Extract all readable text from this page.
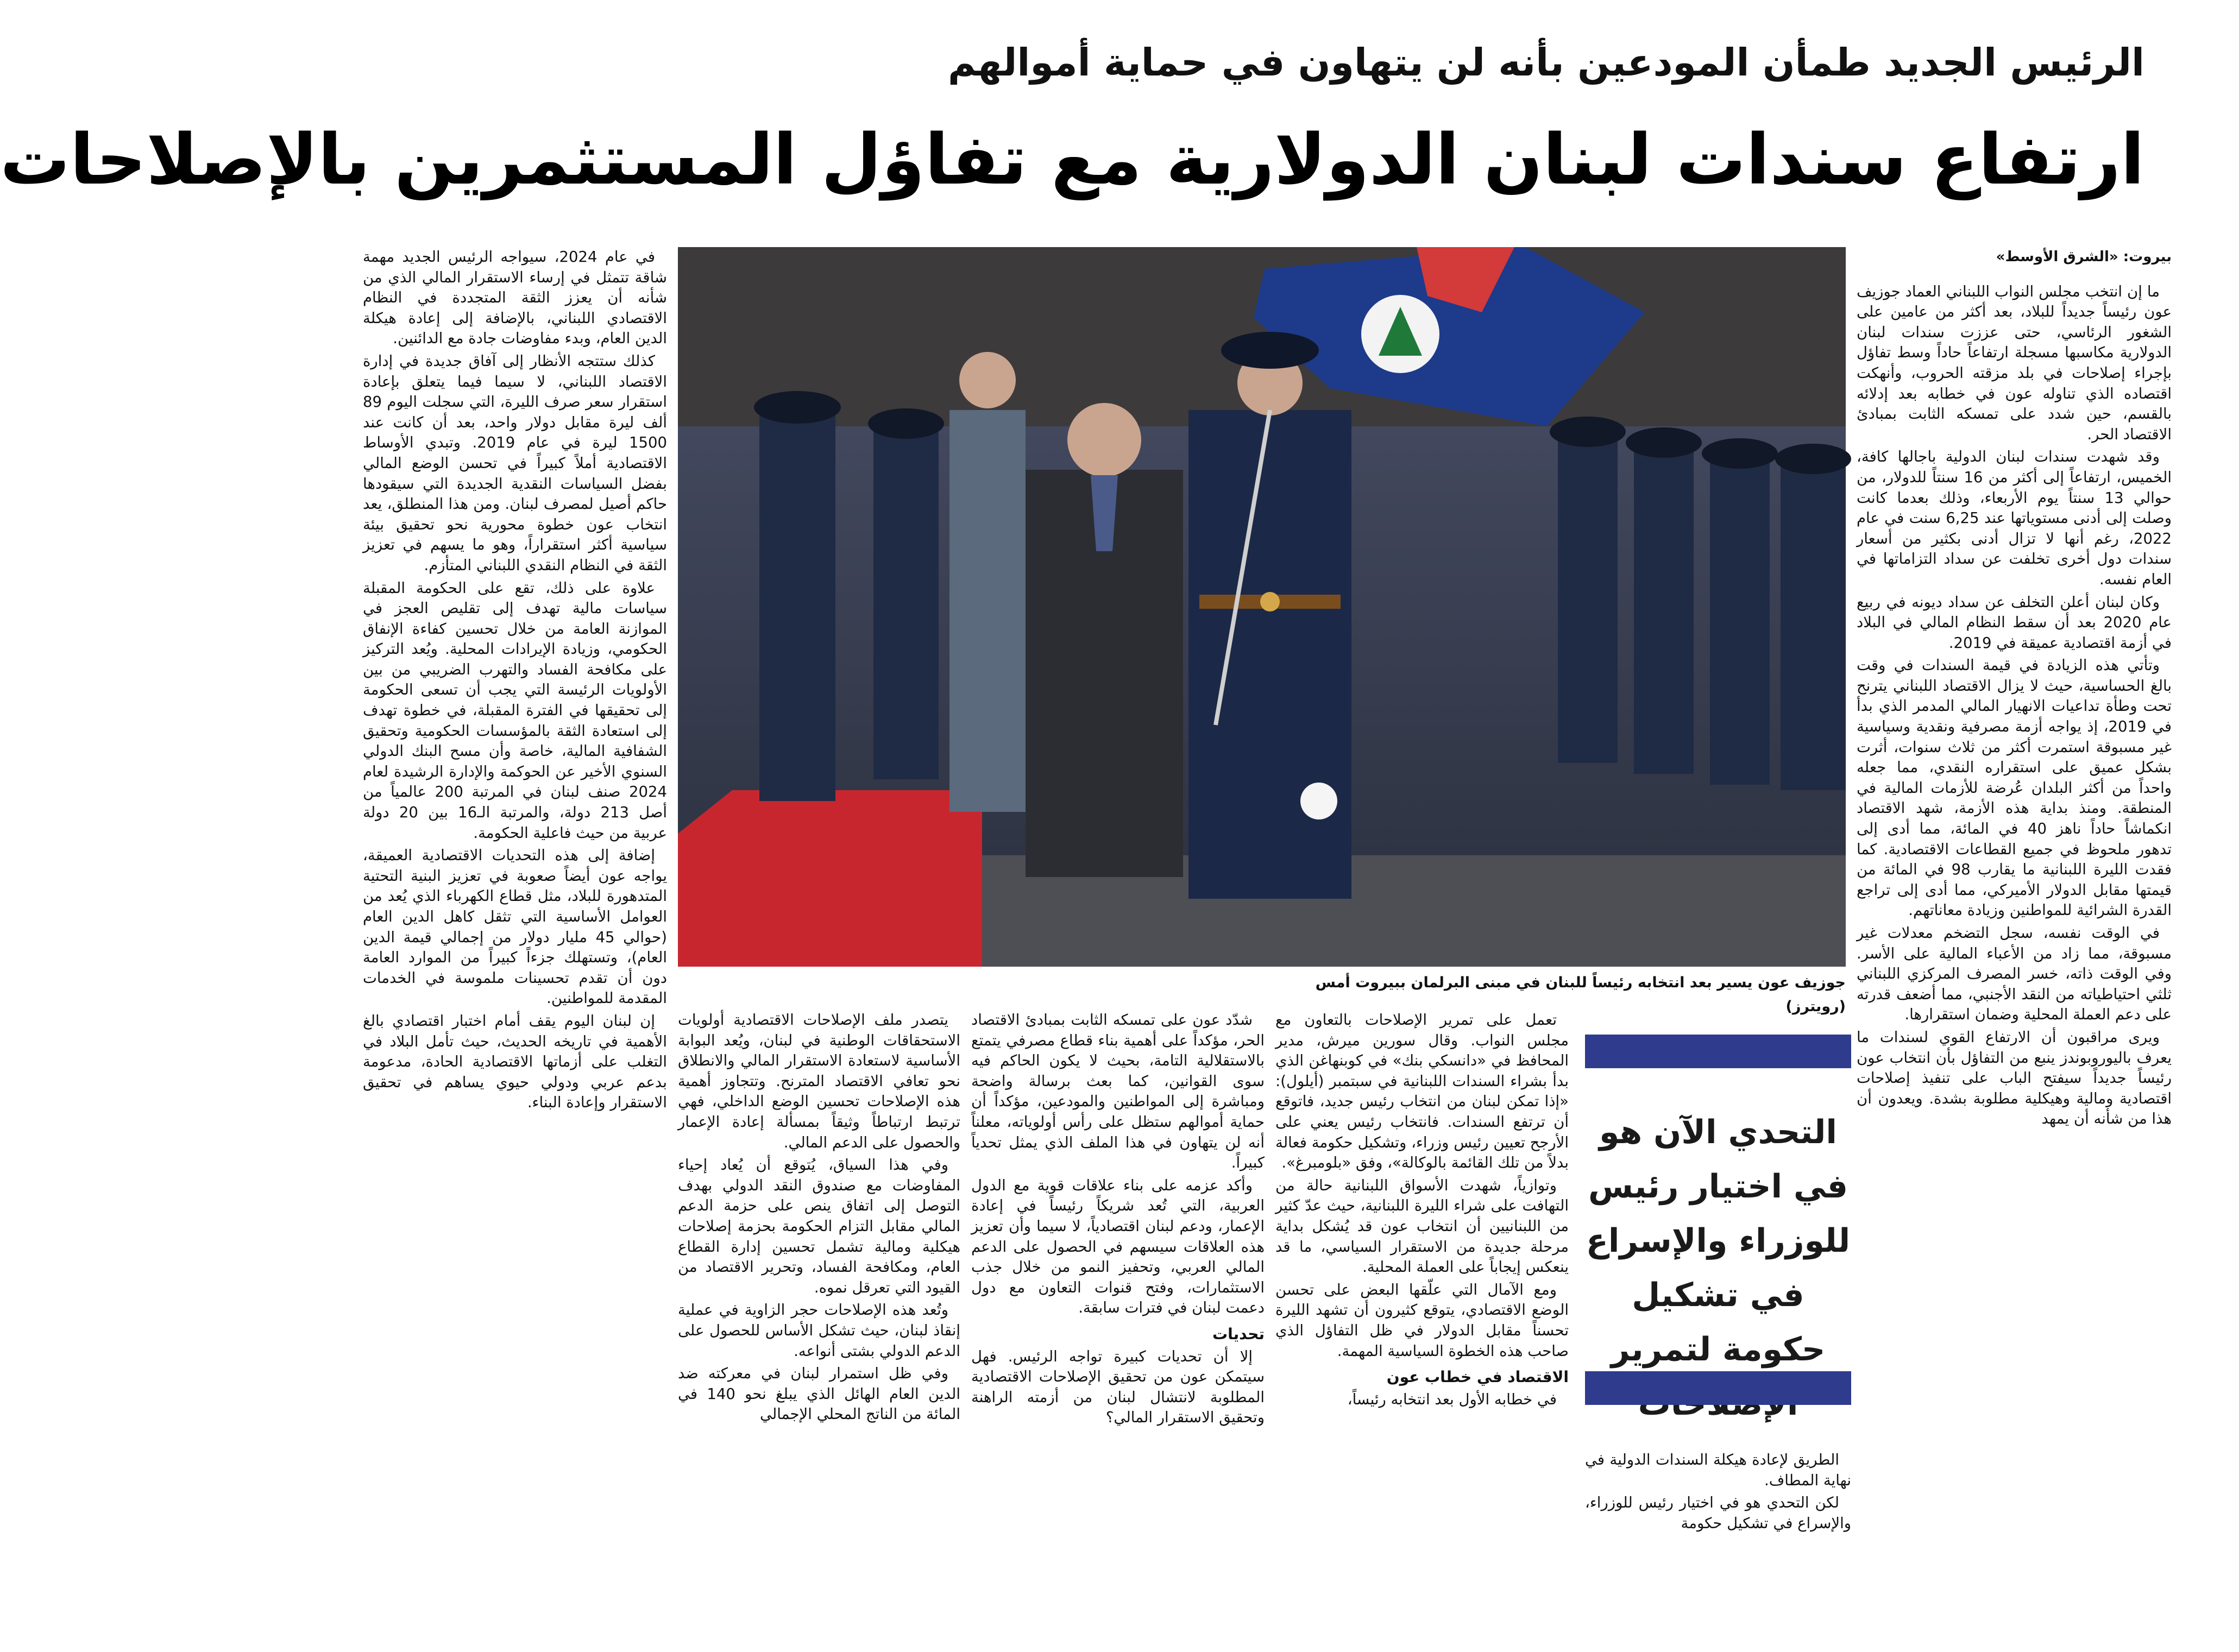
الرئيس الجديد طمأن المودعين بأنه لن يتهاون في حماية أموالهم
ارتفاع سندات لبنان الدولارية مع تفاؤل المستثمرين بالإصلاحات
جوزيف عون يسير بعد انتخابه رئيساً للبنان في مبنى البرلمان ببيروت أمس (رويترز)
بيروت: «الشرق الأوسط»

ما إن انتخب مجلس النواب اللبناني العماد جوزيف عون رئيساً جديداً للبلاد، بعد أكثر من عامين على الشغور الرئاسي، حتى عززت سندات لبنان الدولارية مكاسبها مسجلة ارتفاعاً حاداً وسط تفاؤل بإجراء إصلاحات في بلد مزقته الحروب، وأنهكت اقتصاده الذي تناوله عون في خطابه بعد إدلائه بالقسم، حين شدد على تمسكه الثابت بمبادئ الاقتصاد الحر.

وقد شهدت سندات لبنان الدولية باجالها كافة، الخميس، ارتفاعاً إلى أكثر من 16 سنتاً للدولار، من حوالي 13 سنتاً يوم الأربعاء، وذلك بعدما كانت وصلت إلى أدنى مستوياتها عند 6,25 سنت في عام 2022، رغم أنها لا تزال أدنى بكثير من أسعار سندات دول أخرى تخلفت عن سداد التزاماتها في العام نفسه.

وكان لبنان أعلن التخلف عن سداد ديونه في ربيع عام 2020 بعد أن سقط النظام المالي في البلاد في أزمة اقتصادية عميقة في 2019.

وتأتي هذه الزيادة في قيمة السندات في وقت بالغ الحساسية، حيث لا يزال الاقتصاد اللبناني يترنح تحت وطأة تداعيات الانهيار المالي المدمر الذي بدأ في 2019، إذ يواجه أزمة مصرفية ونقدية وسياسية غير مسبوقة استمرت أكثر من ثلاث سنوات، أثرت بشكل عميق على استقراره النقدي، مما جعله واحداً من أكثر البلدان عُرضة للأزمات المالية في المنطقة. ومنذ بداية هذه الأزمة، شهد الاقتصاد انكماشاً حاداً ناهز 40 في المائة، مما أدى إلى تدهور ملحوظ في جميع القطاعات الاقتصادية. كما فقدت الليرة اللبنانية ما يقارب 98 في المائة من قيمتها مقابل الدولار الأميركي، مما أدى إلى تراجع القدرة الشرائية للمواطنين وزيادة معاناتهم.

في الوقت نفسه، سجل التضخم معدلات غير مسبوقة، مما زاد من الأعباء المالية على الأسر. وفي الوقت ذاته، خسر المصرف المركزي اللبناني ثلثي احتياطياته من النقد الأجنبي، مما أضعف قدرته على دعم العملة المحلية وضمان استقرارها.

ويرى مراقبون أن الارتفاع القوي لسندات ما يعرف باليوروبوندز ينبع من التفاؤل بأن انتخاب عون رئيساً جديداً سيفتح الباب على تنفيذ إصلاحات اقتصادية ومالية وهيكلية مطلوبة بشدة. ويعدون أن هذا من شأنه أن يمهد

التحدي الآن هو في اختيار رئيس للوزراء والإسراع في تشكيل حكومة لتمرير

الطريق لإعادة هيكلة السندات الدولية في نهاية المطاف.

لكن التحدي هو في اختيار رئيس للوزراء، والإسراع في تشكيل حكومة

تعمل على تمرير الإصلاحات بالتعاون مع مجلس النواب. وقال سورين ميرش، مدير المحافظ في «دانسكي بنك» في كوبنهاغن الذي بدأ بشراء السندات اللبنانية في سبتمبر (أيلول): «إذا تمكن لبنان من انتخاب رئيس جديد، فاتوقع أن ترتفع السندات. فانتخاب رئيس يعني على الأرجح تعيين رئيس وزراء، وتشكيل حكومة فعالة بدلاً من تلك القائمة بالوكالة»، وفق «بلومبرغ».

وتوازياً، شهدت الأسواق اللبنانية حالة من التهافت على شراء الليرة اللبنانية، حيث عدّ كثير من اللبنانيين أن انتخاب عون قد يُشكل بداية مرحلة جديدة من الاستقرار السياسي، ما قد ينعكس إيجاباً على العملة المحلية.

ومع الآمال التي علّقها البعض على تحسن الوضع الاقتصادي، يتوقع كثيرون أن تشهد الليرة تحسناً مقابل الدولار في ظل التفاؤل الذي صاحب هذه الخطوة السياسية المهمة.

الاقتصاد في خطاب عون

في خطابه الأول بعد انتخابه رئيساً،

شدّد عون على تمسكه الثابت بمبادئ الاقتصاد الحر، مؤكداً على أهمية بناء قطاع مصرفي يتمتع بالاستقلالية التامة، بحيث لا يكون الحاكم فيه سوى القوانين، كما بعث برسالة واضحة ومباشرة إلى المواطنين والمودعين، مؤكداً أن حماية أموالهم ستظل على رأس أولوياته، معلناً أنه لن يتهاون في هذا الملف الذي يمثل تحدياً كبيراً.

وأكد عزمه على بناء علاقات قوية مع الدول العربية، التي تُعد شريكاً رئيساً في إعادة الإعمار، ودعم لبنان اقتصادياً، لا سيما وأن تعزيز هذه العلاقات سيسهم في الحصول على الدعم المالي العربي، وتحفيز النمو من خلال جذب الاستثمارات، وفتح قنوات التعاون مع دول دعمت لبنان في فترات سابقة.

تحديات

إلا أن تحديات كبيرة تواجه الرئيس. فهل سيتمكن عون من تحقيق الإصلاحات الاقتصادية المطلوبة لانتشال لبنان من أزمته الراهنة وتحقيق الاستقرار المالي؟

يتصدر ملف الإصلاحات الاقتصادية أولويات الاستحقاقات الوطنية في لبنان، ويُعد البوابة الأساسية لاستعادة الاستقرار المالي والانطلاق نحو تعافي الاقتصاد المترنح. وتتجاوز أهمية هذه الإصلاحات تحسين الوضع الداخلي، فهي ترتبط ارتباطاً وثيقاً بمسألة إعادة الإعمار والحصول على الدعم المالي.

وفي هذا السياق، يُتوقع أن يُعاد إحياء المفاوضات مع صندوق النقد الدولي بهدف التوصل إلى اتفاق ينص على حزمة الدعم المالي مقابل التزام الحكومة بحزمة إصلاحات هيكلية ومالية تشمل تحسين إدارة القطاع العام، ومكافحة الفساد، وتحرير الاقتصاد من القيود التي تعرقل نموه.

وتُعد هذه الإصلاحات حجر الزاوية في عملية إنقاذ لبنان، حيث تشكل الأساس للحصول على الدعم الدولي بشتى أنواعه.

وفي ظل استمرار لبنان في معركته ضد الدين العام الهائل الذي يبلغ نحو 140 في المائة من الناتج المحلي الإجمالي

في عام 2024، سيواجه الرئيس الجديد مهمة شاقة تتمثل في إرساء الاستقرار المالي الذي من شأنه أن يعزز الثقة المتجددة في النظام الاقتصادي اللبناني، بالإضافة إلى إعادة هيكلة الدين العام، وبدء مفاوضات جادة مع الدائنين.

كذلك ستتجه الأنظار إلى آفاق جديدة في إدارة الاقتصاد اللبناني، لا سيما فيما يتعلق بإعادة استقرار سعر صرف الليرة، التي سجلت اليوم 89 ألف ليرة مقابل دولار واحد، بعد أن كانت عند 1500 ليرة في عام 2019. وتبدي الأوساط الاقتصادية أملاً كبيراً في تحسن الوضع المالي بفضل السياسات النقدية الجديدة التي سيقودها حاكم أصيل لمصرف لبنان. ومن هذا المنطلق، يعد انتخاب عون خطوة محورية نحو تحقيق بيئة سياسية أكثر استقراراً، وهو ما يسهم في تعزيز الثقة في النظام النقدي اللبناني المتأزم.

علاوة على ذلك، تقع على الحكومة المقبلة سياسات مالية تهدف إلى تقليص العجز في الموازنة العامة من خلال تحسين كفاءة الإنفاق الحكومي، وزيادة الإيرادات المحلية. ويُعد التركيز على مكافحة الفساد والتهرب الضريبي من بين الأولويات الرئيسة التي يجب أن تسعى الحكومة إلى تحقيقها في الفترة المقبلة، في خطوة تهدف إلى استعادة الثقة بالمؤسسات الحكومية وتحقيق الشفافية المالية، خاصة وأن مسح البنك الدولي السنوي الأخير عن الحوكمة والإدارة الرشيدة لعام 2024 صنف لبنان في المرتبة 200 عالمياً من أصل 213 دولة، والمرتبة الـ16 بين 20 دولة عربية من حيث فاعلية الحكومة.

إضافة إلى هذه التحديات الاقتصادية العميقة، يواجه عون أيضاً صعوبة في تعزيز البنية التحتية المتدهورة للبلاد، مثل قطاع الكهرباء الذي يُعد من العوامل الأساسية التي تثقل كاهل الدين العام (حوالي 45 مليار دولار من إجمالي قيمة الدين العام)، وتستهلك جزءاً كبيراً من الموارد العامة دون أن تقدم تحسينات ملموسة في الخدمات المقدمة للمواطنين.

إن لبنان اليوم يقف أمام اختبار اقتصادي بالغ الأهمية في تاريخه الحديث، حيث تأمل البلاد في التغلب على أزماتها الاقتصادية الحادة، مدعومة بدعم عربي ودولي حيوي يساهم في تحقيق الاستقرار وإعادة البناء.
